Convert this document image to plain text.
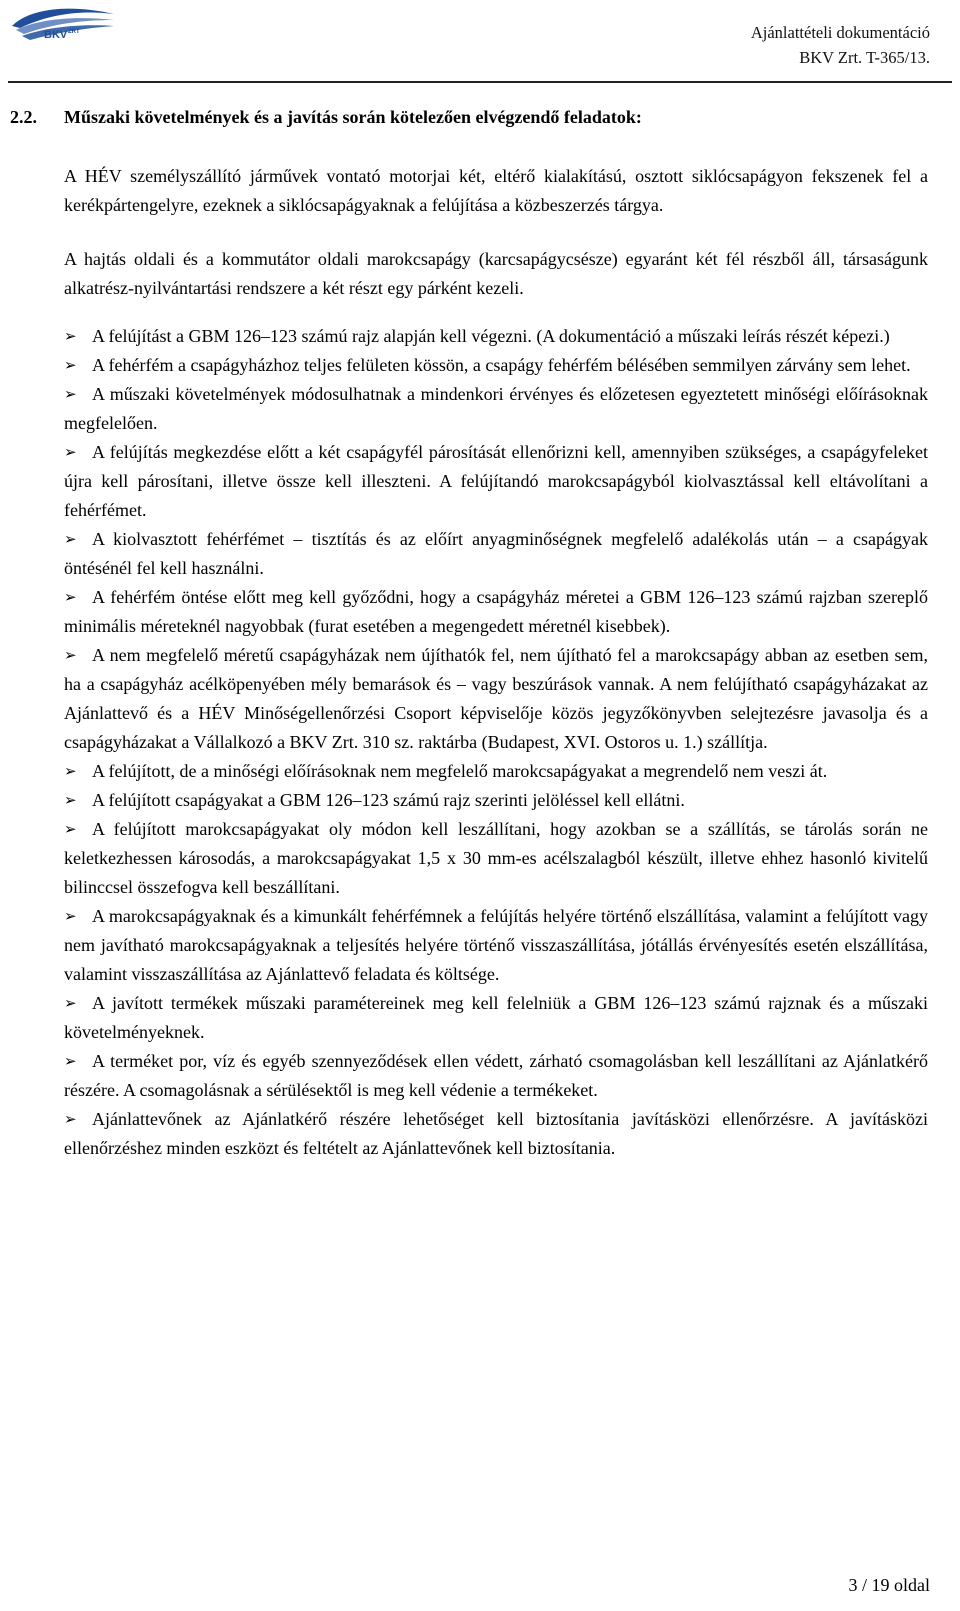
BKV ZRT	Ajánlattételi dokumentáció
BKV Zrt. T-365/13.
2.2. Műszaki követelmények és a javítás során kötelezően elvégzendő feladatok:

A HÉV személyszállító járművek vontató motorjai két, eltérő kialakítású, osztott siklócsapágyon fekszenek fel a kerékpártengelyre, ezeknek a siklócsapágyaknak a felújítása a közbeszerzés tárgya.

A hajtás oldali és a kommutátor oldali marokcsapágy (karcsapágycsésze) egyaránt két fél részből áll, társaságunk alkatrész-nyilvántartási rendszere a két részt egy párként kezeli.

➢ A felújítást a GBM 126–123 számú rajz alapján kell végezni. (A dokumentáció a műszaki leírás részét képezi.)

➢ A fehérfém a csapágyházhoz teljes felületen kössön, a csapágy fehérfém bélésében semmilyen zárvány sem lehet.

➢ A műszaki követelmények módosulhatnak a mindenkori érvényes és előzetesen egyeztetett minőségi előírásoknak megfelelően.

➢ A felújítás megkezdése előtt a két csapágyfél párosítását ellenőrizni kell, amennyiben szükséges, a csapágyfeleket újra kell párosítani, illetve össze kell illeszteni. A felújítandó marokcsapágyból kiolvasztással kell eltávolítani a fehérfémet.

➢ A kiolvasztott fehérfémet – tisztítás és az előírt anyagminőségnek megfelelő adalékolás után – a csapágyak öntésénél fel kell használni.

➢ A fehérfém öntése előtt meg kell győződni, hogy a csapágyház méretei a GBM 126–123 számú rajzban szereplő minimális méreteknél nagyobbak (furat esetében a megengedett méretnél kisebbek).

➢ A nem megfelelő méretű csapágyházak nem újíthatók fel, nem újítható fel a marokcsapágy abban az esetben sem, ha a csapágyház acélköpenyében mély bemarások és – vagy beszúrások vannak. A nem felújítható csapágyházakat az Ajánlattevő és a HÉV Minőségellenőrzési Csoport képviselője közös jegyzőkönyvben selejtezésre javasolja és a csapágyházakat a Vállalkozó a BKV Zrt. 310 sz. raktárba (Budapest, XVI. Ostoros u. 1.) szállítja.

➢ A felújított, de a minőségi előírásoknak nem megfelelő marokcsapágyakat a megrendelő nem veszi át.

➢ A felújított csapágyakat a GBM 126–123 számú rajz szerinti jelöléssel kell ellátni.

➢ A felújított marokcsapágyakat oly módon kell leszállítani, hogy azokban se a szállítás, se tárolás során ne keletkezhessen károsodás, a marokcsapágyakat 1,5 x 30 mm-es acélszalagból készült, illetve ehhez hasonló kivitelű bilinccsel összefogva kell beszállítani.

➢ A marokcsapágyaknak és a kimunkált fehérfémnek a felújítás helyére történő elszállítása, valamint a felújított vagy nem javítható marokcsapágyaknak a teljesítés helyére történő visszaszállítása, jótállás érvényesítés esetén elszállítása, valamint visszaszállítása az Ajánlattevő feladata és költsége.

➢ A javított termékek műszaki paramétereinek meg kell felelniük a GBM 126–123 számú rajznak és a műszaki követelményeknek.

➢ A terméket por, víz és egyéb szennyeződések ellen védett, zárható csomagolásban kell leszállítani az Ajánlatkérő részére. A csomagolásnak a sérülésektől is meg kell védenie a termékeket.

➢ Ajánlattevőnek az Ajánlatkérő részére lehetőséget kell biztosítania javításközi ellenőrzésre. A javításközi ellenőrzéshez minden eszközt és feltételt az Ajánlattevőnek kell biztosítania.

3 / 19 oldal
